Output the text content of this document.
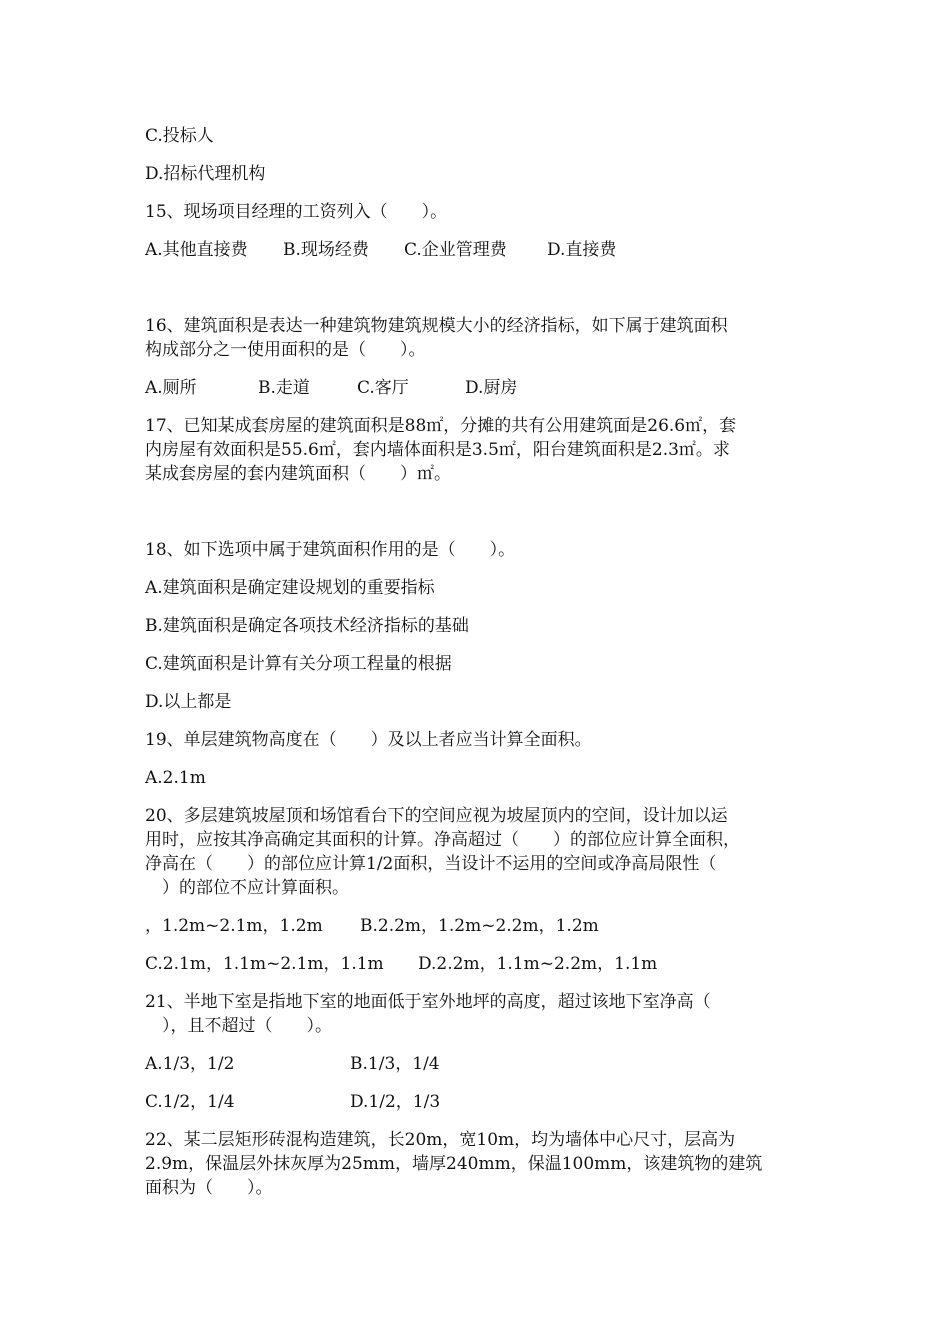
C.投标人
D.招标代理机构
15、现场项目经理的工资列入（　　）。
A.其他直接费 B.现场经费 C.企业管理费 D.直接费
16、建筑面积是表达一种建筑物建筑规模大小的经济指标，如下属于建筑面积
构成部分之一使用面积的是（　　）。
A.厕所	B.走道	C.客厅	D.厨房
17、已知某成套房屋的建筑面积是88㎡，分摊的共有公用建筑面是26.6㎡，套
内房屋有效面积是55.6㎡，套内墙体面积是3.5㎡，阳台建筑面积是2.3㎡。求
某成套房屋的套内建筑面积（　　）㎡。
18、如下选项中属于建筑面积作用的是（　　）。
A.建筑面积是确定建设规划的重要指标
B.建筑面积是确定各项技术经济指标的基础
C.建筑面积是计算有关分项工程量的根据
D.以上都是
19、单层建筑物高度在（　　）及以上者应当计算全面积。
A.2.1m
20、多层建筑坡屋顶和场馆看台下的空间应视为坡屋顶内的空间，设计加以运
用时，应按其净高确定其面积的计算。净高超过（　　）的部位应计算全面积，
净高在（　　）的部位应计算1/2面积，当设计不运用的空间或净高局限性（
　）的部位不应计算面积。
，1.2m~2.1m，1.2m B.2.2m，1.2m~2.2m，1.2m
C.2.1m，1.1m~2.1m，1.1m D.2.2m，1.1m~2.2m，1.1m
21、半地下室是指地下室的地面低于室外地坪的高度，超过该地下室净高（
　），且不超过（　　）。
A.1/3，1/2	B.1/3，1/4
C.1/2，1/4	D.1/2，1/3
22、某二层矩形砖混构造建筑，长20m，宽10m，均为墙体中心尺寸，层高为
2.9m，保温层外抹灰厚为25mm，墙厚240mm，保温100mm，该建筑物的建筑
面积为（　　）。
